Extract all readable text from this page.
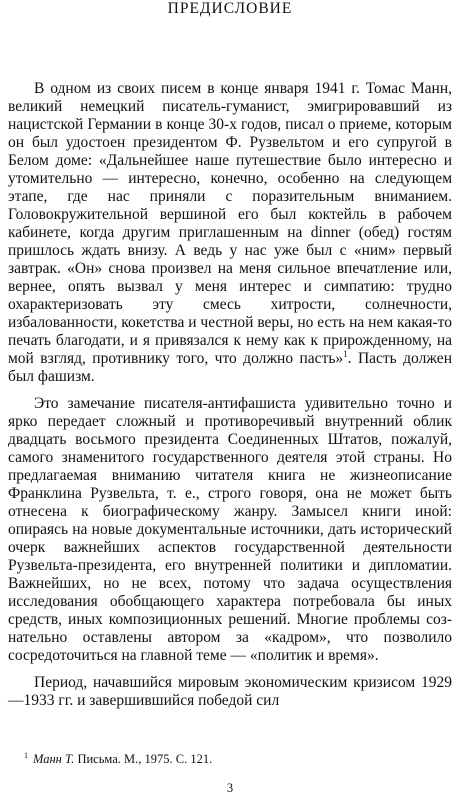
ПРЕДИСЛОВИЕ

В одном из своих писем в конце января 1941 г. Томас Манн, великий немецкий писатель-гуманист, эмигрировавший из нацистской Германии в конце 30-х годов, писал о приеме, которым он был удостоен президентом Ф. Рузвельтом и его супругой в Белом доме: «Дальнейшее наше путешествие было интересно и утомительно — интересно, конечно, особенно на следующем этапе, где нас приняли с поразительным вниманием. Головокружительной вершиной его был коктейль в рабочем кабинете, когда другим приглашенным на dinner (обед) гостям пришлось ждать внизу. А ведь у нас уже был с «ним» первый завтрак. «Он» снова произвел на меня сильное впечатление или, вернее, опять вызвал у меня интерес и симпатию: трудно охарактеризовать эту смесь хитрости, солнечности, избалованности, кокетства и честной веры, но есть на нем какая-то печать благодати, и я привязался к нему как к прирожденному, на мой взгляд, противнику того, что должно пасть»$^1$. Пасть должен был фашизм.

Это замечание писателя-антифашиста удивительно точно и ярко передает сложный и противоречивый внутренний облик двадцать восьмого президента Соединенных Штатов, пожалуй, самого знаменитого государственного деятеля этой страны. Но предлагаемая вниманию читателя книга не жизнеописание Франклина Рузвельта, т. е., строго говоря, она не может быть отнесена к биографическому жанру. Замысел книги иной: опираясь на новые документальные источники, дать исторический очерк важнейших аспектов государственной деятельности Рузвельта-президента, его внутренней политики и дипломатии. Важнейших, но не всех, потому что задача осуществления исследования обобщающего характера потребовала бы иных средств, иных композиционных решений. Многие проблемы сознательно оставлены автором за «кадром», что позволило сосредоточиться на главной теме — «политик и время».

Период, начавшийся мировым экономическим кризисом 1929—1933 гг. и завершившийся победой сил

$^1$ Манн Т. Письма. М., 1975. С. 121.
3
